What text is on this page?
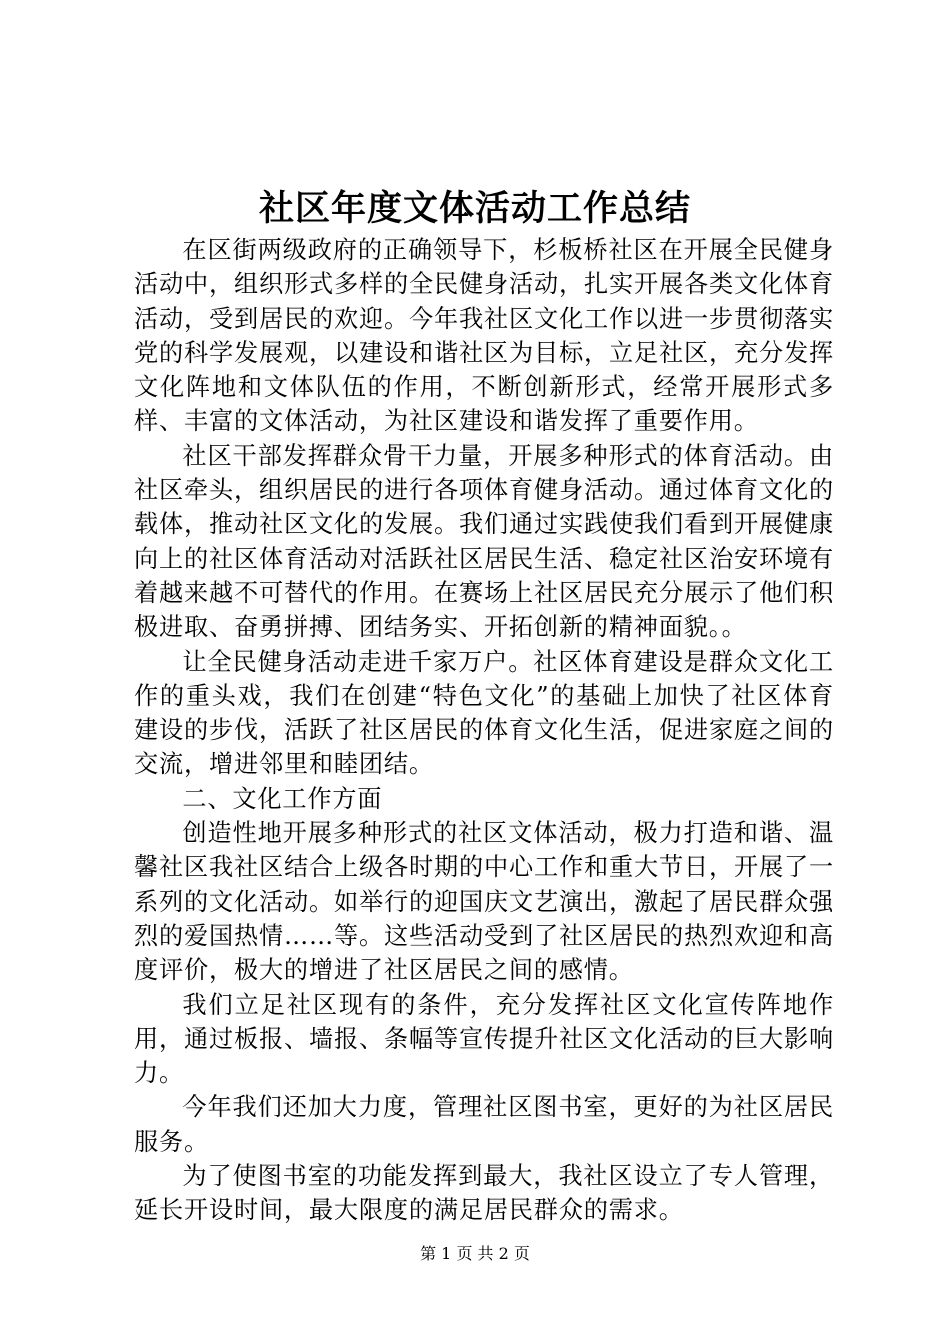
社区年度文体活动工作总结

在区街两级政府的正确领导下，杉板桥社区在开展全民健身活动中，组织形式多样的全民健身活动，扎实开展各类文化体育活动，受到居民的欢迎。今年我社区文化工作以进一步贯彻落实党的科学发展观，以建设和谐社区为目标，立足社区，充分发挥文化阵地和文体队伍的作用，不断创新形式，经常开展形式多样、丰富的文体活动，为社区建设和谐发挥了重要作用。

社区干部发挥群众骨干力量，开展多种形式的体育活动。由社区牵头，组织居民的进行各项体育健身活动。通过体育文化的载体，推动社区文化的发展。我们通过实践使我们看到开展健康向上的社区体育活动对活跃社区居民生活、稳定社区治安环境有着越来越不可替代的作用。在赛场上社区居民充分展示了他们积极进取、奋勇拼搏、团结务实、开拓创新的精神面貌。。

让全民健身活动走进千家万户。社区体育建设是群众文化工作的重头戏，我们在创建“特色文化”的基础上加快了社区体育建设的步伐，活跃了社区居民的体育文化生活，促进家庭之间的交流，增进邻里和睦团结。

二、文化工作方面

创造性地开展多种形式的社区文体活动，极力打造和谐、温馨社区我社区结合上级各时期的中心工作和重大节日，开展了一系列的文化活动。如举行的迎国庆文艺演出，激起了居民群众强烈的爱国热情……等。这些活动受到了社区居民的热烈欢迎和高度评价，极大的增进了社区居民之间的感情。

我们立足社区现有的条件，充分发挥社区文化宣传阵地作用，通过板报、墙报、条幅等宣传提升社区文化活动的巨大影响力。

今年我们还加大力度，管理社区图书室，更好的为社区居民服务。

为了使图书室的功能发挥到最大，我社区设立了专人管理，延长开设时间，最大限度的满足居民群众的需求。

第 1 页 共 2 页
